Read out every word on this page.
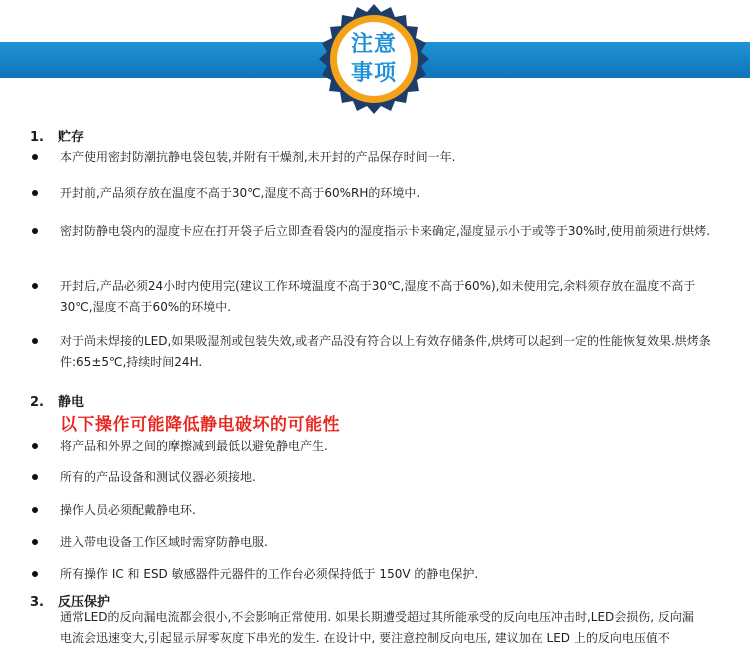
注意
事项
1. 贮存
本产使用密封防潮抗静电袋包装,并附有干燥剂,未开封的产品保存时间一年.
开封前,产品须存放在温度不高于30℃,湿度不高于60%RH的环境中.
密封防静电袋内的湿度卡应在打开袋子后立即查看袋内的湿度指示卡来确定,湿度显示小于或等于30%时,使用前须进行烘烤.
开封后,产品必须24小时内使用完(建议工作环境温度不高于30℃,湿度不高于60%),如未使用完,余料须存放在温度不高于30℃,湿度不高于60%的环境中.
对于尚未焊接的LED,如果吸湿剂或包装失效,或者产品没有符合以上有效存储条件,烘烤可以起到一定的性能恢复效果.烘烤条件:65±5℃,持续时间24H.
2. 静电
以下操作可能降低静电破坏的可能性
将产品和外界之间的摩擦减到最低以避免静电产生.
所有的产品设备和测试仪器必须接地.
操作人员必须配戴静电环.
进入带电设备工作区域时需穿防静电服.
所有操作 IC 和 ESD 敏感器件元器件的工作台必须保持低于 150V 的静电保护.
3. 反压保护
通常LED的反向漏电流都会很小,不会影响正常使用. 如果长期遭受超过其所能承受的反向电压冲击时,LED会损伤, 反向漏电流会迅速变大,引起显示屏零灰度下串光的发生. 在设计中, 要注意控制反向电压, 建议加在 LED 上的反向电压值不
